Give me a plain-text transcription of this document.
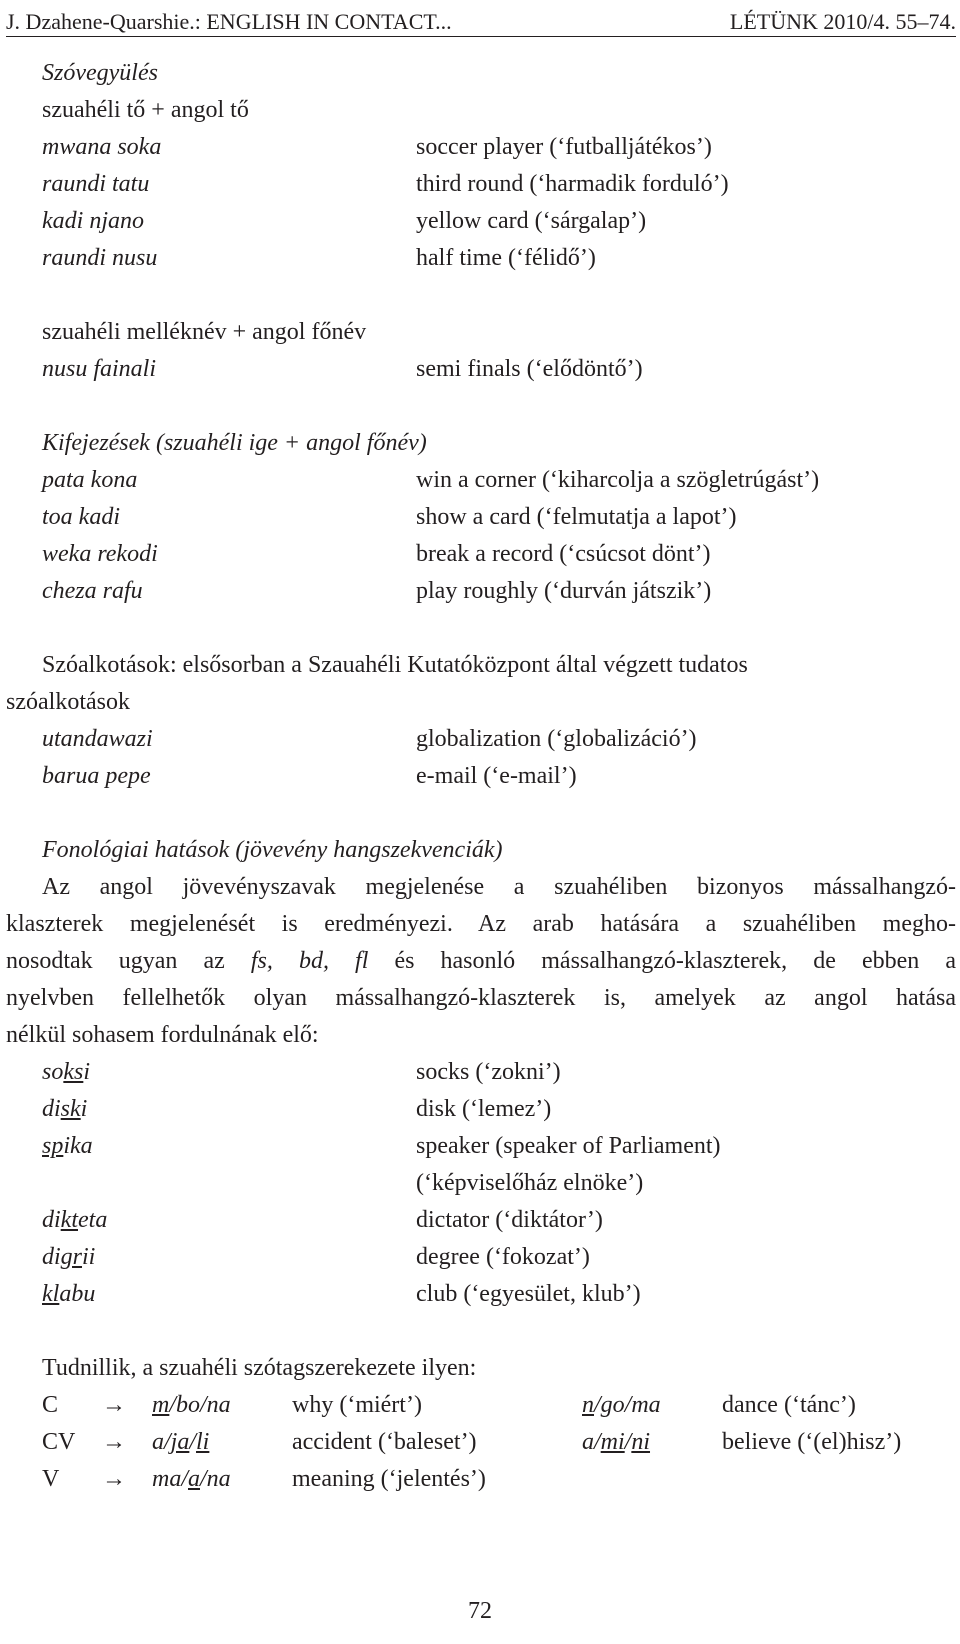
J. Dzahene-Quarshie.: ENGLISH IN CONTACT...	LÉTÜNK 2010/4. 55–74.
Szóvegyülés
szuahéli tő + angol tő
mwana soka	soccer player (‘futballjátékos’)
raundi tatu	third round (‘harmadik forduló’)
kadi njano	yellow card (‘sárgalap’)
raundi nusu	half time (‘félidő’)
szuahéli melléknév + angol főnév
nusu fainali	semi finals (‘elődöntő’)
Kifejezések (szuahéli ige + angol főnév)
pata kona	win a corner (‘kiharcolja a szögletrúgást’)
toa kadi	show a card (‘felmutatja a lapot’)
weka rekodi	break a record (‘csúcsot dönt’)
cheza rafu	play roughly (‘durván játszik’)
Szóalkotások: elsősorban a Szauahéli Kutatóközpont által végzett tudatos
szóalkotások
utandawazi	globalization (‘globalizáció’)
barua pepe	e-mail (‘e-mail’)
Fonológiai hatások (jövevény hangszekvenciák)
Az angol jövevényszavak megjelenése a szuahéliben bizonyos mássalhangzó-
klaszterek megjelenését is eredményezi. Az arab hatására a szuahéliben megho-
nosodtak ugyan az fs, bd, fl és hasonló mássalhangzó-klaszterek, de ebben a
nyelvben fellelhetők olyan mássalhangzó-klaszterek is, amelyek az angol hatása
nélkül sohasem fordulnának elő:
soksi	socks (‘zokni’)
diski	disk (‘lemez’)
spika	speaker (speaker of Parliament)
(‘képviselőház elnöke’)
dikteta	dictator (‘diktátor’)
digrii	degree (‘fokozat’)
klabu	club (‘egyesület, klub’)
Tudnillik, a szuahéli szótagszerekezete ilyen:
C → m/bo/na	why (‘miért’)	n/go/ma	dance (‘tánc’)
CV → a/ja/li	accident (‘baleset’)	a/mi/ni	believe (‘(el)hisz’)
V → ma/a/na	meaning (‘jelentés’)
72
